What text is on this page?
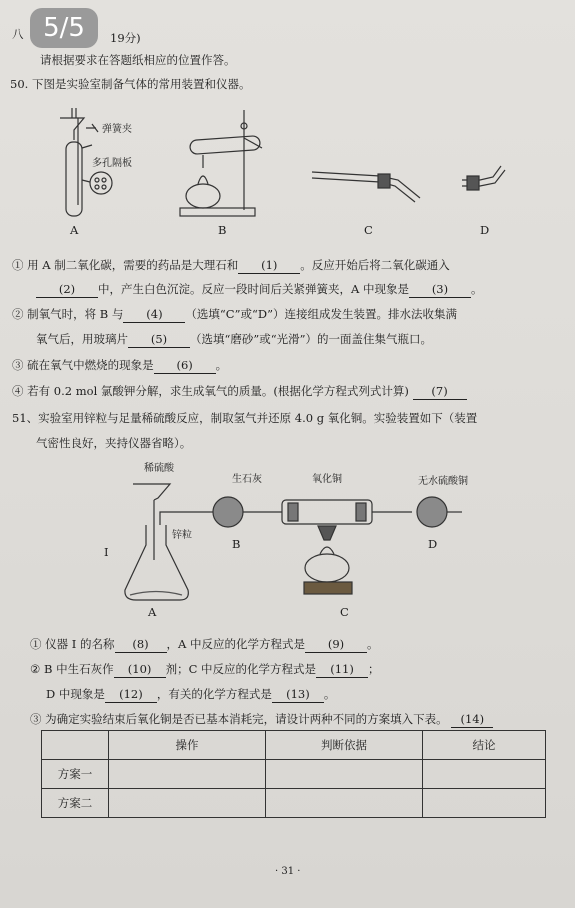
5/5
八	19分)
请根据要求在答题纸相应的位置作答。
50. 下图是实验室制备气体的常用装置和仪器。
弹簧夹
多孔隔板
A	B	C	D
① 用 A 制二氧化碳，需要的药品是大理石和 (1) 。反应开始后将二氧化碳通入
(2) 中，产生白色沉淀。反应一段时间后关紧弹簧夹，A 中现象是 (3) 。
② 制氧气时，将 B 与 (4) （选填“C”或“D”）连接组成发生装置。排水法收集满
氧气后，用玻璃片 (5) （选填“磨砂”或“光滑”）的一面盖住集气瓶口。
③ 硫在氧气中燃烧的现象是 (6) 。
④ 若有 0.2 mol 氯酸钾分解，求生成氧气的质量。(根据化学方程式列式计算) (7)
51、实验室用锌粒与足量稀硫酸反应，制取氢气并还原 4.0 g 氧化铜。实验装置如下（装置
气密性良好，夹持仪器省略）。
稀硫酸
生石灰	氧化铜	无水硫酸铜
锌粒
I
A
B
C
D
① 仪器 I 的名称 (8) ，A 中反应的化学方程式是 (9) 。
② B 中生石灰作 (10) 剂；C 中反应的化学方程式是 (11) ；
D 中现象是 (12) ，有关的化学方程式是 (13) 。
③ 为确定实验结束后氧化铜是否已基本消耗完，请设计两种不同的方案填入下表。 (14)
	操作	判断依据	结论
方案一			
方案二			
· 31 ·
